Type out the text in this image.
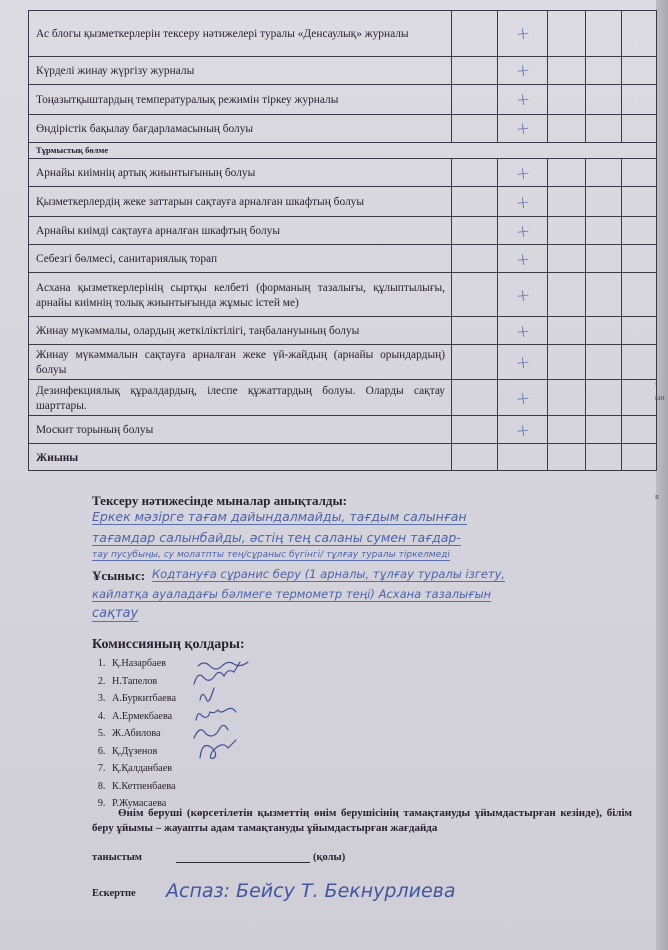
Ас блогы қызметкерлерін тексеру нәтижелері туралы «Денсаулық» журналы		+			
Күрделі жинау жүргізу журналы		+			
Тоңазытқыштардың температуралық режимін тіркеу журналы		+			
Өндірістік бақылау бағдарламасының болуы		+			
Тұрмыстық бөлме					
Арнайы киімнің артық жиынтығының болуы		+			
Қызметкерлердің жеке заттарын сақтауға арналған шкафтың болуы		+			
Арнайы киімді сақтауға арналған шкафтың болуы		+			
Себезгі бөлмесі, санитариялық торап		+			
Асхана қызметкерлерінің сыртқы келбеті (форманың тазалығы, құлыптылығы, арнайы киімнің толық жиынтығында жұмыс істей ме)		+			
Жинау мүкәммалы, олардың жеткіліктілігі, таңбалануының болуы		+			
Жинау мүкәммалын сақтауға арналған жеке үй-жайдың (арнайы орындардың) болуы		+			
Дезинфекциялық құралдардың, ілеспе құжаттардың болуы. Оларды сақтау шарттары.		+			
Москит торының болуы		+			
Жиыны					
,
ын
я
Тексеру нәтижесінде мыналар анықталды:
Еркек мәзірге тағам дайындалмайды, тағдым салынған
тағамдар салынбайды, әстің тең саланы сумен тағдар-
тау пусубыңы, су молатпты тең/сұраныс бүгінгі/ тұлғау туралы тіркелмеді
Ұсыныс: Кодтануға сұранис беру (1 арналы, тұлғау туралы ізгету,
кайлатқа ауаладағы бәлмеге термометр теңі) Асхана тазалығын
сақтау
Комиссияның қолдары:
1. Қ.Назарбаев
2. Н.Тапелов
3. А.Буркитбаева
4. А.Ермекбаева
5. Ж.Абилова
6. Қ.Дүзенов
7. Қ.Қалданбаев
8. К.Кетпенбаева
9. Р.Жумасаева
Өнім беруші (көрсетілетін қызметтің өнім берушісінің тамақтануды ұйымдастырған кезінде), білім беру ұйымы – жауапты адам тамақтануды ұйымдастырған жағдайда
таныстым	(қолы)
Ескертпе Аспаз: Бейсу Т. Бекнурлиева
